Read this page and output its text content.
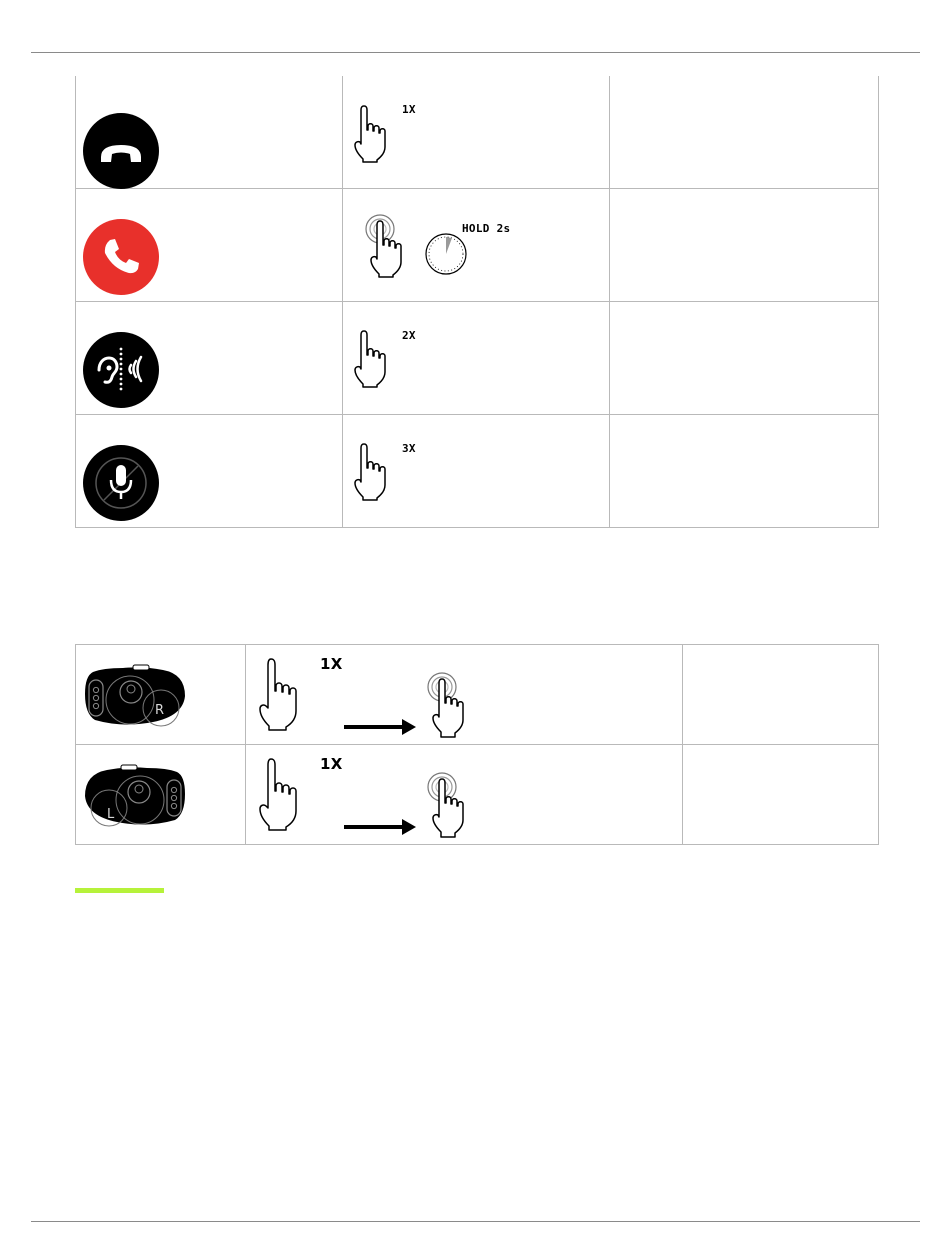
1X	

HOLD 2s	

2X	

3X	

R	1X	

L	1X	
